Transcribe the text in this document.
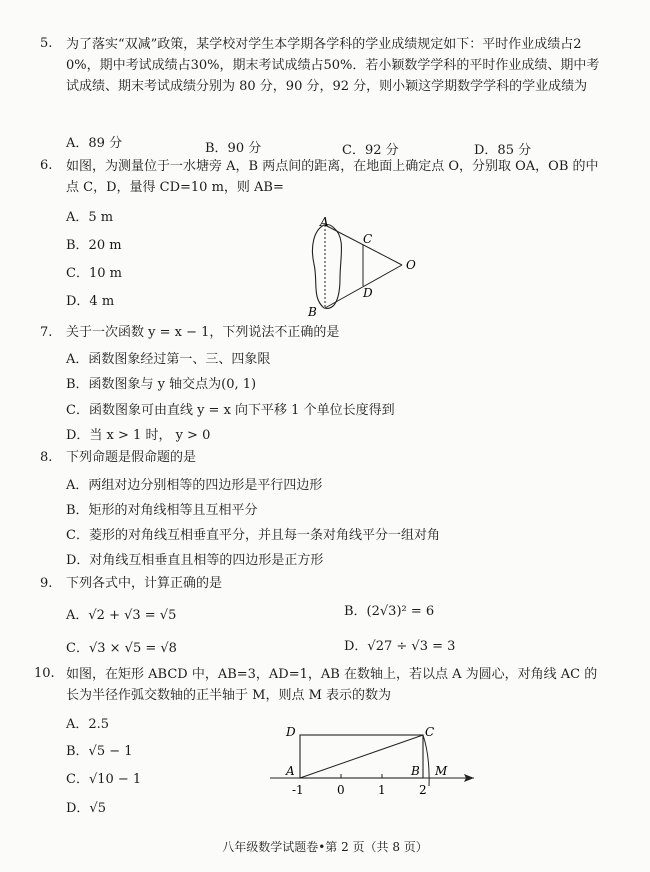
5. 为了落实“双减”政策，某学校对学生本学期各学科的学业成绩规定如下：平时作业成绩占20%，期中考试成绩占30%，期末考试成绩占50%．若小颖数学学科的平时作业成绩、期中考试成绩、期末考试成绩分别为 80 分，90 分，92 分，则小颖这学期数学学科的学业成绩为
A．89 分	B．90 分	C．92 分	D．85 分
6. 如图，为测量位于一水塘旁 A，B 两点间的距离，在地面上确定点 O，分别取 OA，OB 的中点 C，D，量得 CD=10 m，则 AB=
A．5 m
B．20 m
C．10 m
D．4 m
A
B
C
D
O
7. 关于一次函数 y = x − 1，下列说法不正确的是
A．函数图象经过第一、三、四象限
B．函数图象与 y 轴交点为(0, 1)
C．函数图象可由直线 y = x 向下平移 1 个单位长度得到
D．当 x > 1 时， y > 0
8. 下列命题是假命题的是
A．两组对边分别相等的四边形是平行四边形
B．矩形的对角线相等且互相平分
C．菱形的对角线互相垂直平分，并且每一条对角线平分一组对角
D．对角线互相垂直且相等的四边形是正方形
9. 下列各式中，计算正确的是
A．√2 + √3 = √5	B．(2√3)² = 6
C．√3 × √5 = √8	D．√27 ÷ √3 = 3
10. 如图，在矩形 ABCD 中，AB=3，AD=1，AB 在数轴上，若以点 A 为圆心，对角线 AC 的长为半径作弧交数轴的正半轴于 M，则点 M 表示的数为
A．2.5
B．√5 − 1
C．√10 − 1
D．√5
D	C
A	B M
-1	0	1	2
八年级数学试题卷•第 2 页（共 8 页）
